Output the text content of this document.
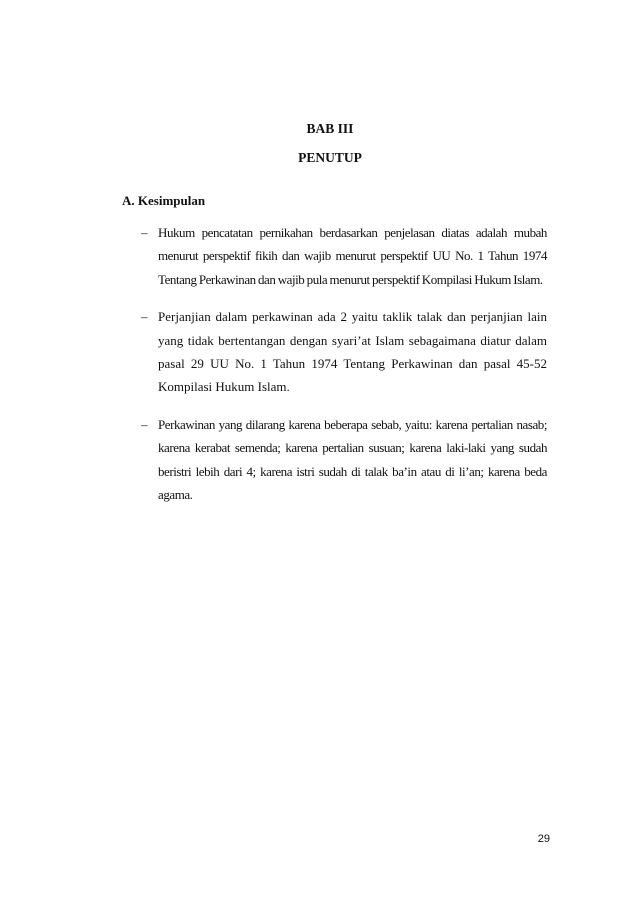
BAB III
PENUTUP
A. Kesimpulan
– Hukum pencatatan pernikahan berdasarkan penjelasan diatas adalah mubah menurut perspektif fikih dan wajib menurut perspektif UU No. 1 Tahun 1974 Tentang Perkawinan dan wajib pula menurut perspektif Kompilasi Hukum Islam.
– Perjanjian dalam perkawinan ada 2 yaitu taklik talak dan perjanjian lain yang tidak bertentangan dengan syari’at Islam sebagaimana diatur dalam pasal 29 UU No. 1 Tahun 1974 Tentang Perkawinan dan pasal 45-52 Kompilasi Hukum Islam.
– Perkawinan yang dilarang karena beberapa sebab, yaitu: karena pertalian nasab; karena kerabat semenda; karena pertalian susuan; karena laki-laki yang sudah beristri lebih dari 4; karena istri sudah di talak ba’in atau di li’an; karena beda agama.
29
